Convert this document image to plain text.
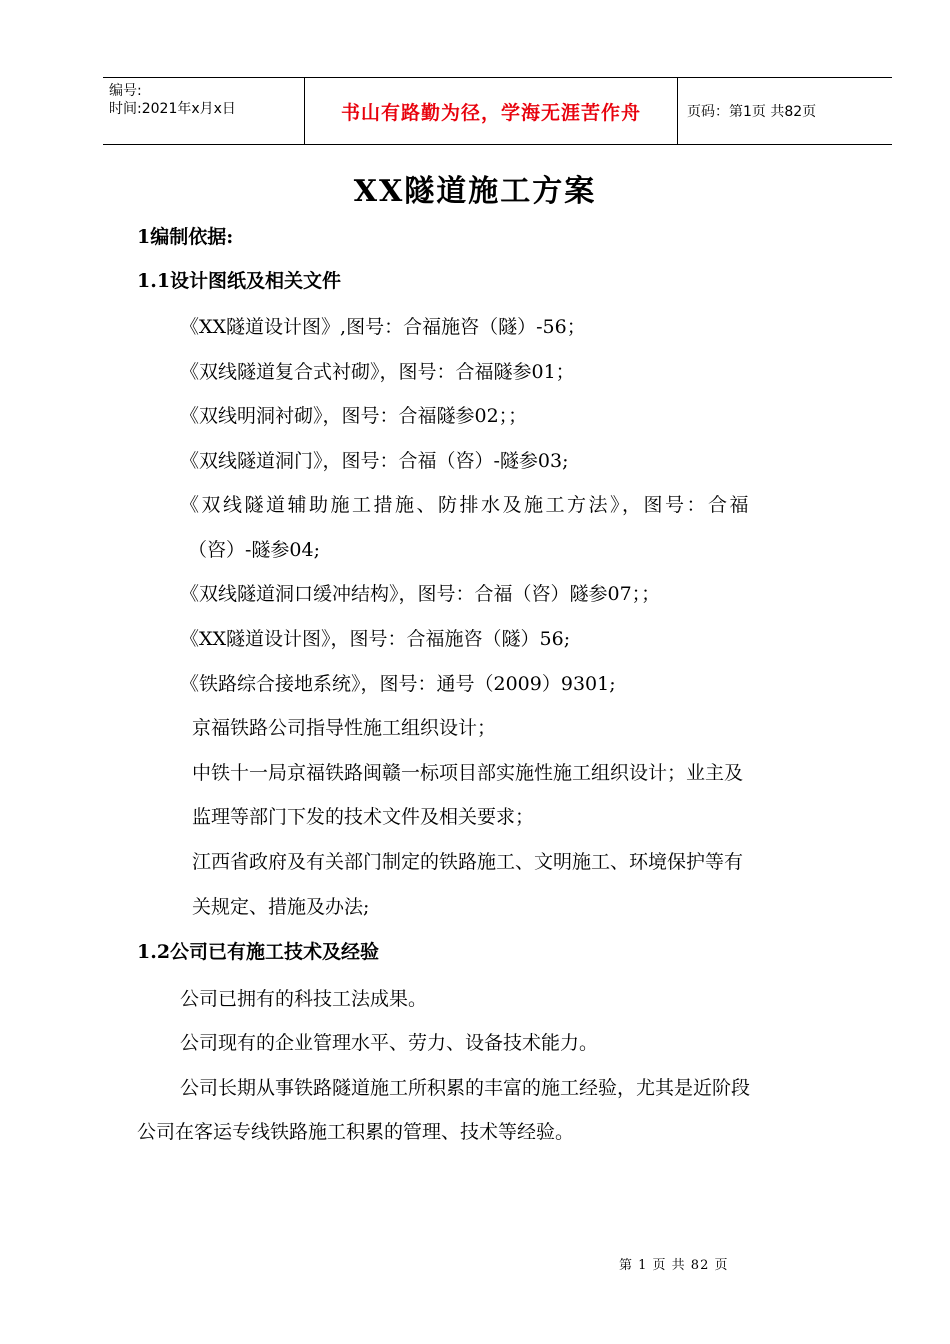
编号:
时间:2021年x月x日	书山有路勤为径，学海无涯苦作舟	页码：第1页 共82页
XX隧道施工方案
1编制依据:
1.1设计图纸及相关文件
《XX隧道设计图》,图号：合福施咨（隧）-56；
《双线隧道复合式衬砌》，图号：合福隧参01；
《双线明洞衬砌》，图号：合福隧参02；；
《双线隧道洞门》，图号：合福（咨）-隧参03;
《双线隧道辅助施工措施、防排水及施工方法》，图号：合福
（咨）-隧参04;
《双线隧道洞口缓冲结构》，图号：合福（咨）隧参07；；
《XX隧道设计图》，图号：合福施咨（隧）56;
《铁路综合接地系统》，图号：通号（2009）9301;
京福铁路公司指导性施工组织设计；
中铁十一局京福铁路闽赣一标项目部实施性施工组织设计；业主及
监理等部门下发的技术文件及相关要求；
江西省政府及有关部门制定的铁路施工、文明施工、环境保护等有
关规定、措施及办法;
1.2公司已有施工技术及经验
公司已拥有的科技工法成果。
公司现有的企业管理水平、劳力、设备技术能力。
公司长期从事铁路隧道施工所积累的丰富的施工经验，尤其是近阶段
公司在客运专线铁路施工积累的管理、技术等经验。
第 1 页 共 82 页
